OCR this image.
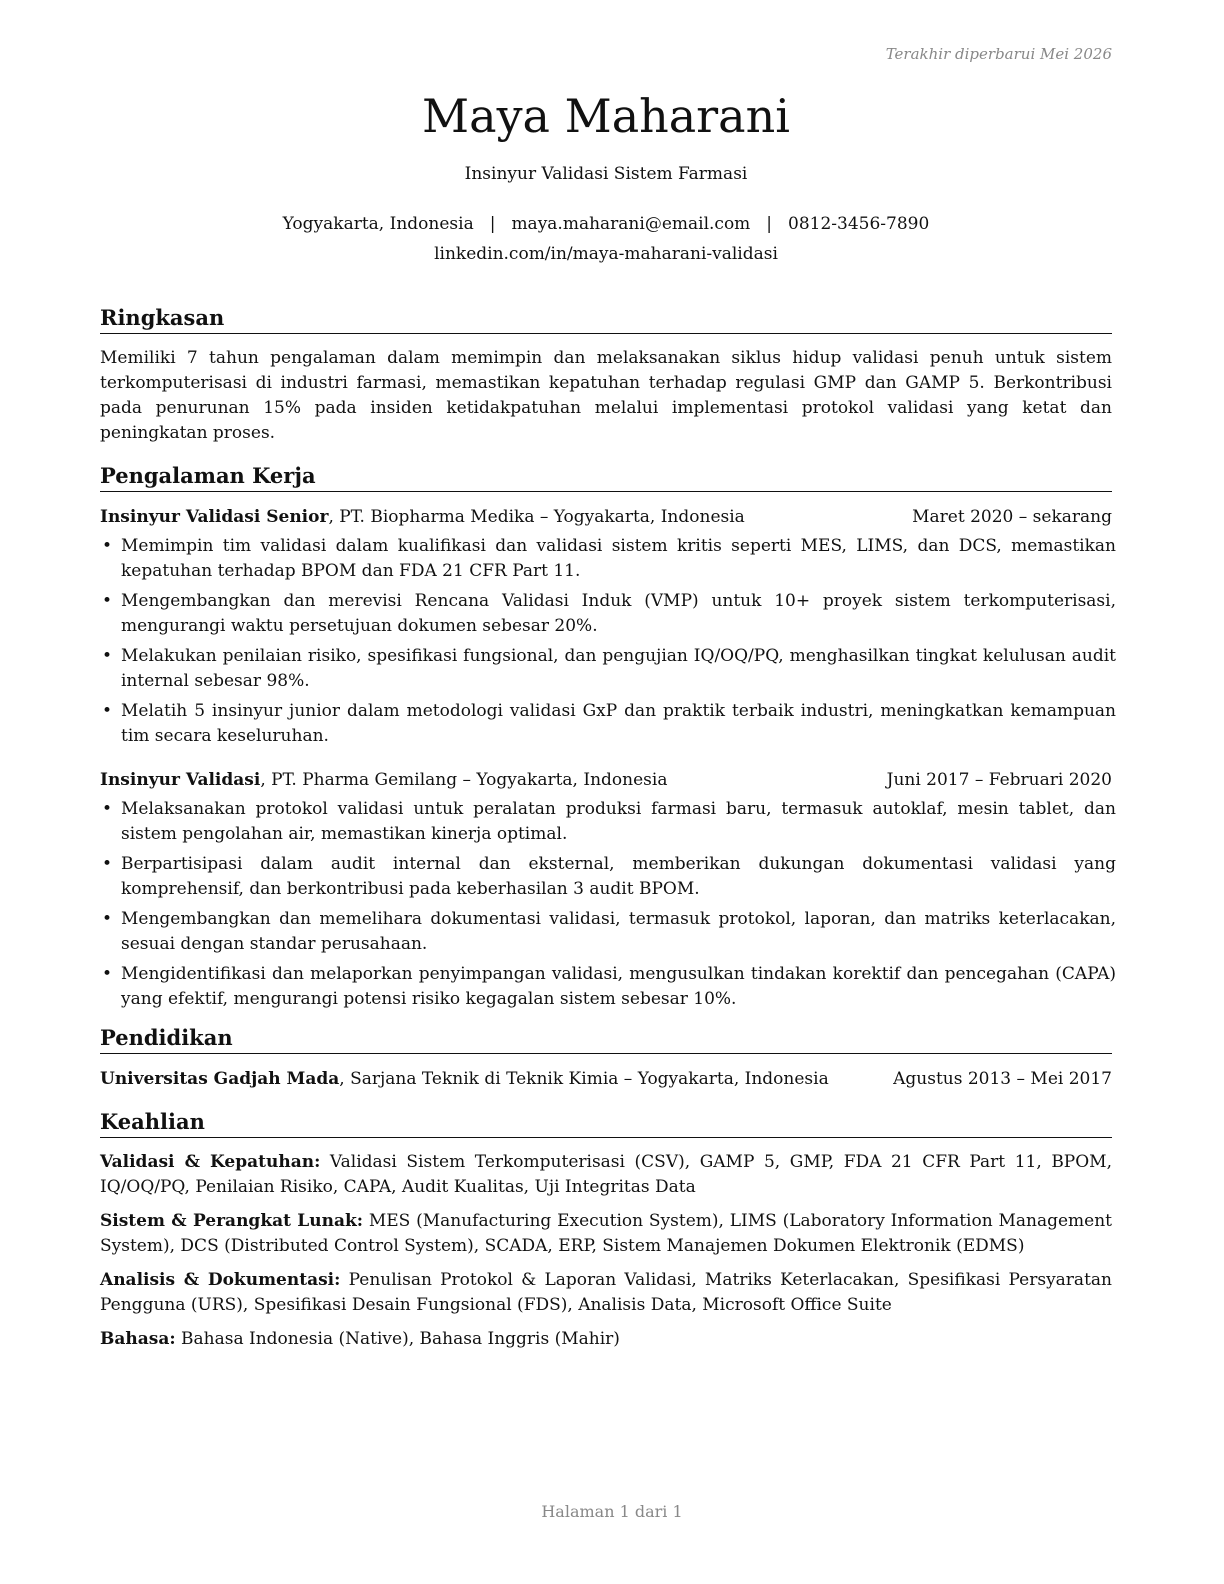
Terakhir diperbarui Mei 2026
Maya Maharani
Insinyur Validasi Sistem Farmasi
Yogyakarta, Indonesia | maya.maharani@email.com | 0812-3456-7890
linkedin.com/in/maya-maharani-validasi
Ringkasan

Memiliki 7 tahun pengalaman dalam memimpin dan melaksanakan siklus hidup validasi penuh untuk sistem terkomputerisasi di industri farmasi, memastikan kepatuhan terhadap regulasi GMP dan GAMP 5. Berkontribusi pada penurunan 15% pada insiden ketidakpatuhan melalui implementasi protokol validasi yang ketat dan peningkatan proses.

Pengalaman Kerja
Insinyur Validasi Senior, PT. Biopharma Medika – Yogyakarta, Indonesia	Maret 2020 – sekarang
• Memimpin tim validasi dalam kualifikasi dan validasi sistem kritis seperti MES, LIMS, dan DCS, memastikan kepatuhan terhadap BPOM dan FDA 21 CFR Part 11.
• Mengembangkan dan merevisi Rencana Validasi Induk (VMP) untuk 10+ proyek sistem terkomputerisasi, mengurangi waktu persetujuan dokumen sebesar 20%.
• Melakukan penilaian risiko, spesifikasi fungsional, dan pengujian IQ/OQ/PQ, menghasilkan tingkat kelulusan audit internal sebesar 98%.
• Melatih 5 insinyur junior dalam metodologi validasi GxP dan praktik terbaik industri, meningkatkan kemampuan tim secara keseluruhan.
Insinyur Validasi, PT. Pharma Gemilang – Yogyakarta, Indonesia	Juni 2017 – Februari 2020
• Melaksanakan protokol validasi untuk peralatan produksi farmasi baru, termasuk autoklaf, mesin tablet, dan sistem pengolahan air, memastikan kinerja optimal.
• Berpartisipasi dalam audit internal dan eksternal, memberikan dukungan dokumentasi validasi yang komprehensif, dan berkontribusi pada keberhasilan 3 audit BPOM.
• Mengembangkan dan memelihara dokumentasi validasi, termasuk protokol, laporan, dan matriks keterlacakan, sesuai dengan standar perusahaan.
• Mengidentifikasi dan melaporkan penyimpangan validasi, mengusulkan tindakan korektif dan pencegahan (CAPA) yang efektif, mengurangi potensi risiko kegagalan sistem sebesar 10%.
Pendidikan
Universitas Gadjah Mada, Sarjana Teknik di Teknik Kimia – Yogyakarta, Indonesia	Agustus 2013 – Mei 2017
Keahlian
Validasi & Kepatuhan: Validasi Sistem Terkomputerisasi (CSV), GAMP 5, GMP, FDA 21 CFR Part 11, BPOM, IQ/OQ/PQ, Penilaian Risiko, CAPA, Audit Kualitas, Uji Integritas Data
Sistem & Perangkat Lunak: MES (Manufacturing Execution System), LIMS (Laboratory Information Management System), DCS (Distributed Control System), SCADA, ERP, Sistem Manajemen Dokumen Elektronik (EDMS)
Analisis & Dokumentasi: Penulisan Protokol & Laporan Validasi, Matriks Keterlacakan, Spesifikasi Persyaratan Pengguna (URS), Spesifikasi Desain Fungsional (FDS), Analisis Data, Microsoft Office Suite
Bahasa: Bahasa Indonesia (Native), Bahasa Inggris (Mahir)
Halaman 1 dari 1
